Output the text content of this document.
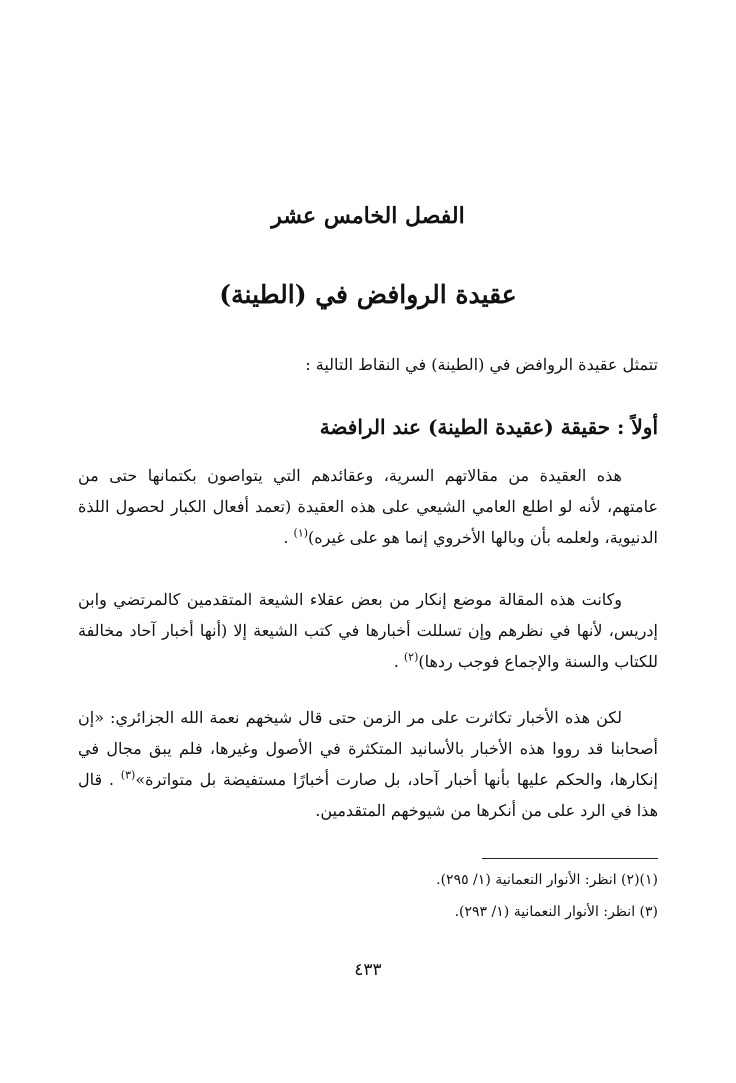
الفصل الخامس عشر
عقيدة الروافض في (الطينة)

تتمثل عقيدة الروافض في (الطينة) في النقاط التالية :

أولاً : حقيقة (عقيدة الطينة) عند الرافضة

هذه العقيدة من مقالاتهم السرية، وعقائدهم التي يتواصون بكتمانها حتى من عامتهم، لأنه لو اطلع العامي الشيعي على هذه العقيدة (تعمد أفعال الكبار لحصول اللذة الدنيوية، ولعلمه بأن وبالها الأخروي إنما هو على غيره)$^{(١)}$ .

وكانت هذه المقالة موضع إنكار من بعض عقلاء الشيعة المتقدمين كالمرتضي وابن إدريس، لأنها في نظرهم وإن تسللت أخبارها في كتب الشيعة إلا (أنها أخبار آحاد مخالفة للكتاب والسنة والإجماع فوجب ردها)$^{(٢)}$ .

لكن هذه الأخبار تكاثرت على مر الزمن حتى قال شيخهم نعمة الله الجزائري: «إن أصحابنا قد رووا هذه الأخبار بالأسانيد المتكثرة في الأصول وغيرها، فلم يبق مجال في إنكارها، والحكم عليها بأنها أخبار آحاد، بل صارت أخبارًا مستفيضة بل متواترة»$^{(٣)}$ . قال هذا في الرد على من أنكرها من شيوخهم المتقدمين.

(١)(٢) انظر: الأنوار النعمانية (١/ ٢٩٥).

(٣) انظر: الأنوار النعمانية (١/ ٢٩٣).

٤٣٣
